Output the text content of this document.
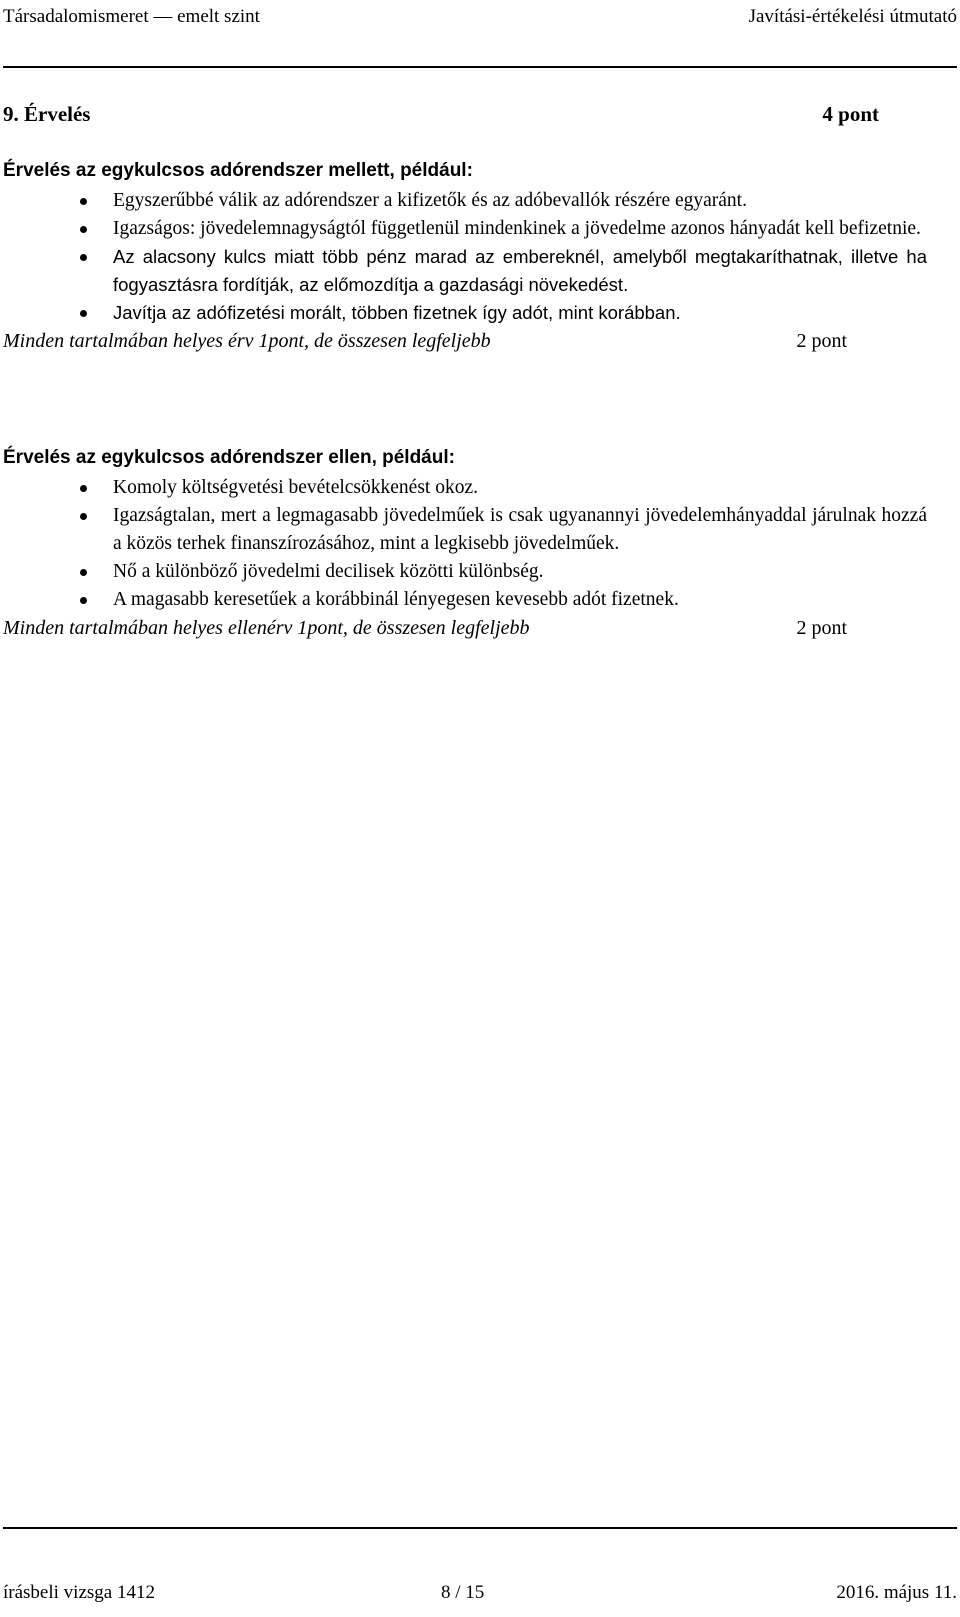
Társadalomismeret — emelt szint	Javítási-értékelési útmutató
9. Érvelés	4 pont
Érvelés az egykulcsos adórendszer mellett, például:
Egyszerűbbé válik az adórendszer a kifizetők és az adóbevallók részére egyaránt.
Igazságos: jövedelemnagyságtól függetlenül mindenkinek a jövedelme azonos hányadát kell befizetnie.
Az alacsony kulcs miatt több pénz marad az embereknél, amelyből megtakaríthatnak, illetve ha fogyasztásra fordítják, az előmozdítja a gazdasági növekedést.
Javítja az adófizetési morált, többen fizetnek így adót, mint korábban.
Minden tartalmában helyes érv 1pont, de összesen legfeljebb	2 pont
Érvelés az egykulcsos adórendszer ellen, például:
Komoly költségvetési bevételcsökkenést okoz.
Igazságtalan, mert a legmagasabb jövedelműek is csak ugyanannyi jövedelemhányaddal járulnak hozzá a közös terhek finanszírozásához, mint a legkisebb jövedelműek.
Nő a különböző jövedelmi decilisek közötti különbség.
A magasabb keresetűek a korábbinál lényegesen kevesebb adót fizetnek.
Minden tartalmában helyes ellenérv 1pont, de összesen legfeljebb	2 pont
írásbeli vizsga 1412	8 / 15	2016. május 11.
